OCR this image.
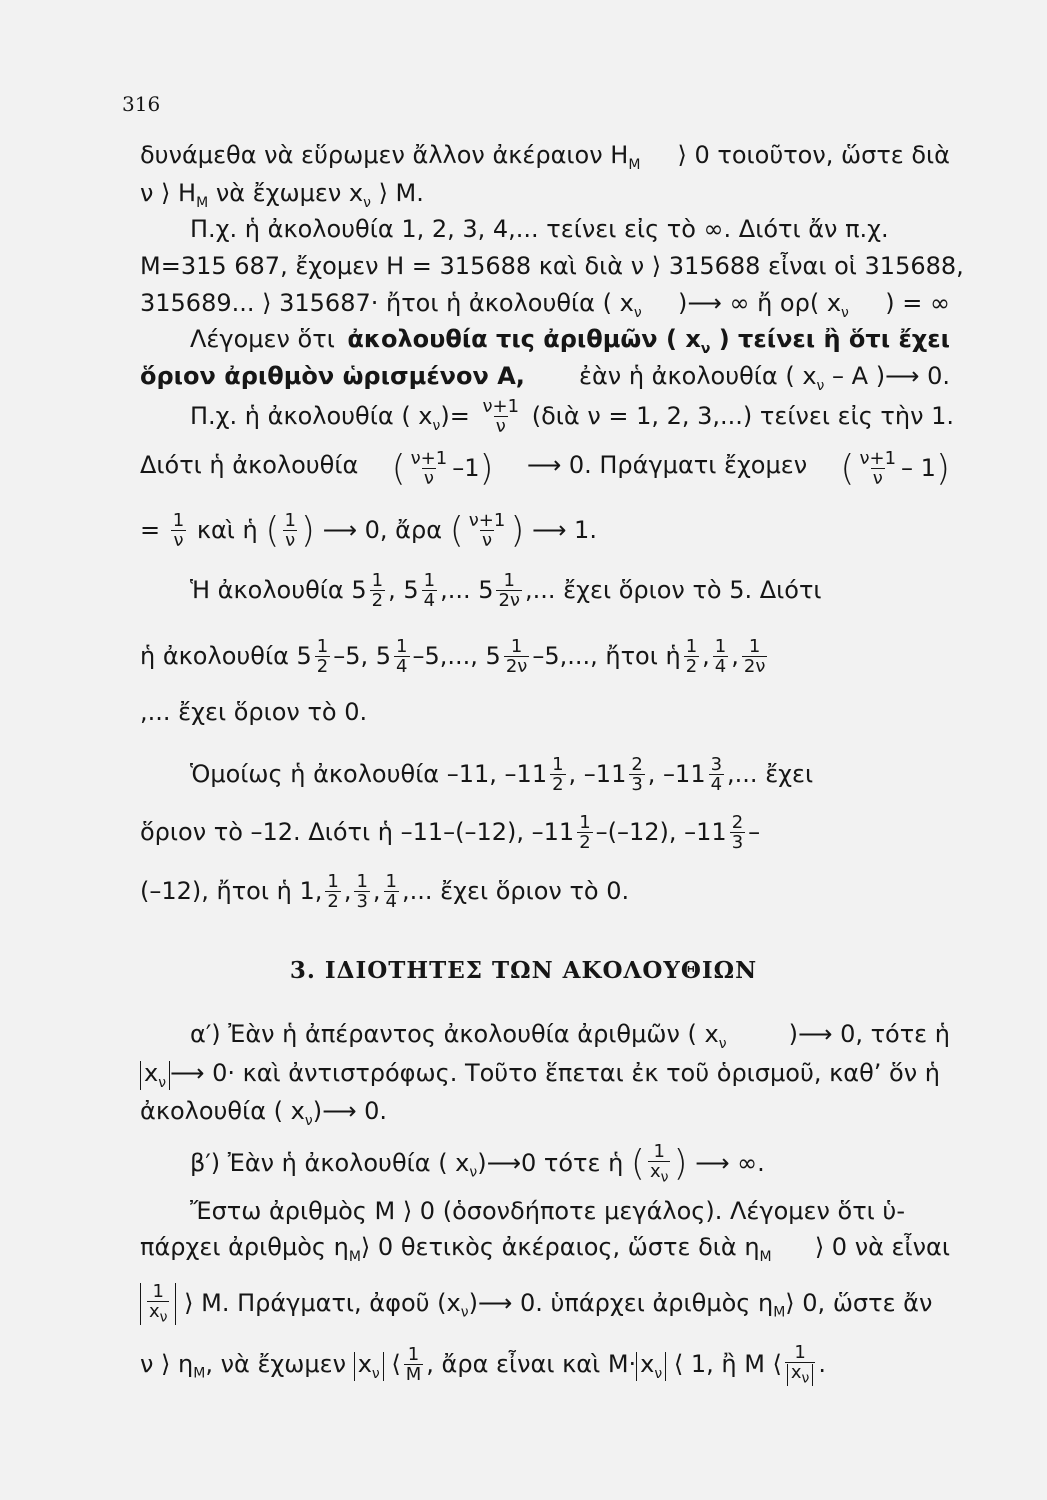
316
δυνάμεθα νὰ εὕρωμεν ἄλλον ἀκέραιον $H_M$ ⟩ 0 τοιοῦτον, ὥστε διὰ
ν ⟩ $H_M$ νὰ ἔχωμεν $x_\nu$ ⟩ Μ.
Π.χ. ἡ ἀκολουθία 1, 2, 3, 4,... τείνει εἰς τὸ ∞. Διότι ἄν π.χ.
Μ=315 687, ἔχομεν Η = 315688 καὶ διὰ ν ⟩ 315688 εἶναι οἱ 315688,
315689... ⟩ 315687· ἤτοι ἡ ἀκολουθία ( $x_\nu$ )⟶ ∞ ἤ ορ( $x_\nu$ ) = ∞
Λέγομεν ὅτι ἀκολουθία τις ἀριθμῶν ( $x_\nu$ ) τείνει ἢ ὅτι ἔχει
ὅριον ἀριθμὸν ὡρισμένον Α, ἐὰν ἡ ἀκολουθία ( $x_\nu$ – Α )⟶ 0.
Π.χ. ἡ ἀκολουθία ( $x_\nu)= \frac{\nu+1}{\nu}$ (διὰ ν = 1, 2, 3,...) τείνει εἰς τὴν 1.
Διότι ἡ ἀκολουθία ( $\frac{\nu+1}{\nu} -1$) ⟶ 0. Πράγματι ἔχομεν ( $\frac{\nu+1}{\nu} - 1$)
= $\frac{1}{\nu}$ καὶ ἡ ( $\frac{1}{\nu}$ ) ⟶ 0, ἄρα ( $\frac{\nu+1}{\nu}$ ) ⟶ 1.
Ἡ ἀκολουθία $5 \frac{1}{2}$ , $5 \frac{1}{4}$ ,... $5 \frac{1}{2\nu}$ ,... ἔχει ὅριον τὸ 5. Διότι
ἡ ἀκολουθία $5 \frac{1}{2} -5$, $5 \frac{1}{4} -5$,..., $5 \frac{1}{2\nu} -5$,..., ἤτοι ἡ $\frac{1}{2}$ , $\frac{1}{4}$ , $\frac{1}{2\nu}$
,... ἔχει ὅριον τὸ 0.
Ὁμοίως ἡ ἀκολουθία –11, $-11 \frac{1}{2}$ , $-11 \frac{2}{3}$ , $-11 \frac{3}{4}$ ,... ἔχει
ὅριον τὸ –12. Διότι ἡ –11–(–12), $-11 \frac{1}{2} -(-12)$, $-11 \frac{2}{3}$ –
(–12), ἤτοι ἡ 1, $\frac{1}{2}$ , $\frac{1}{3}$ , $\frac{1}{4}$ ,... ἔχει ὅριον τὸ 0.
3. ΙΔΙΟΤΗΤΕΣ ΤΩΝ ΑΚΟΛΟΥΘΙΩΝ
α′) Ἐὰν ἡ ἀπέραντος ἀκολουθία ἀριθμῶν ( $x_\nu$	)⟶ 0, τότε ἡ
$x_\nu$ ⟶ 0· καὶ ἀντιστρόφως. Τοῦτο ἕπεται ἐκ τοῦ ὁρισμοῦ, καθ’ ὅν ἡ
ἀκολουθία ( $x_\nu)⟶$ 0.
β′) Ἐὰν ἡ ἀκολουθία ( $x_\nu)⟶0$ τότε ἡ ( $\frac{1}{x_\nu}$ ) ⟶ ∞.
Ἔστω ἀριθμὸς Μ ⟩ 0 (ὁσονδήποτε μεγάλος). Λέγομεν ὅτι ὑ-
πάρχει ἀριθμὸς $\eta_M⟩$ 0 θετικὸς ἀκέραιος, ὥστε διὰ $\eta_M$ ⟩ 0 νὰ εἶναι
$\frac{1}{x_\nu}$ ⟩ Μ. Πράγματι, ἀφοῦ $(x_\nu)⟶$ 0. ὑπάρχει ἀριθμὸς $\eta_M⟩$ 0, ὥστε ἄν
ν ⟩ $\eta_M$, νὰ ἔχωμεν $x_\nu$ ⟨ $\frac{1}{M}$ , ἄρα εἶναι καὶ $M\cdot x_\nu$ ⟨ 1, ἢ Μ ⟨ $\frac{1}{x_\nu}$ .
